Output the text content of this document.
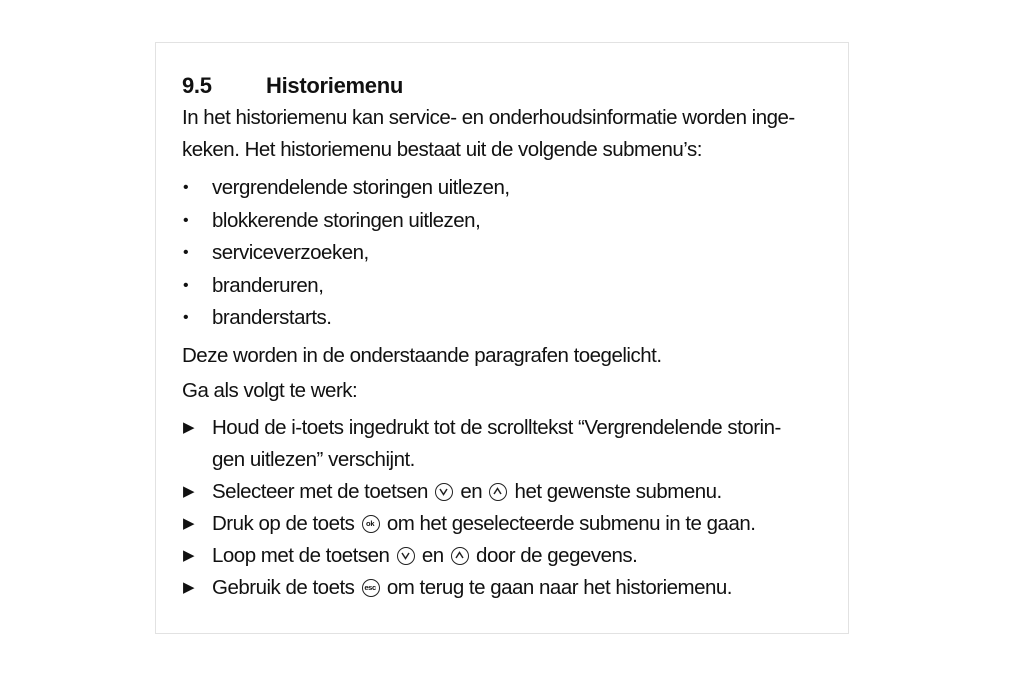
9.5	Historiemenu

In het historiemenu kan service- en onderhoudsinformatie worden inge-
keken. Het historiemenu bestaat uit de volgende submenu’s:

• vergrendelende storingen uitlezen,
• blokkerende storingen uitlezen,
• serviceverzoeken,
• branderuren,
• branderstarts.

Deze worden in de onderstaande paragrafen toegelicht.

Ga als volgt te werk:

▶ Houd de i-toets ingedrukt tot de scrolltekst “Vergrendelende storin-
gen uitlezen” verschijnt.
▶ Selecteer met de toetsen en het gewenste submenu.
▶ Druk op de toets	ok om het geselecteerde submenu in te gaan.
▶ Loop met de toetsen en door de gegevens.
▶ Gebruik de toets esc om terug te gaan naar het historiemenu.
